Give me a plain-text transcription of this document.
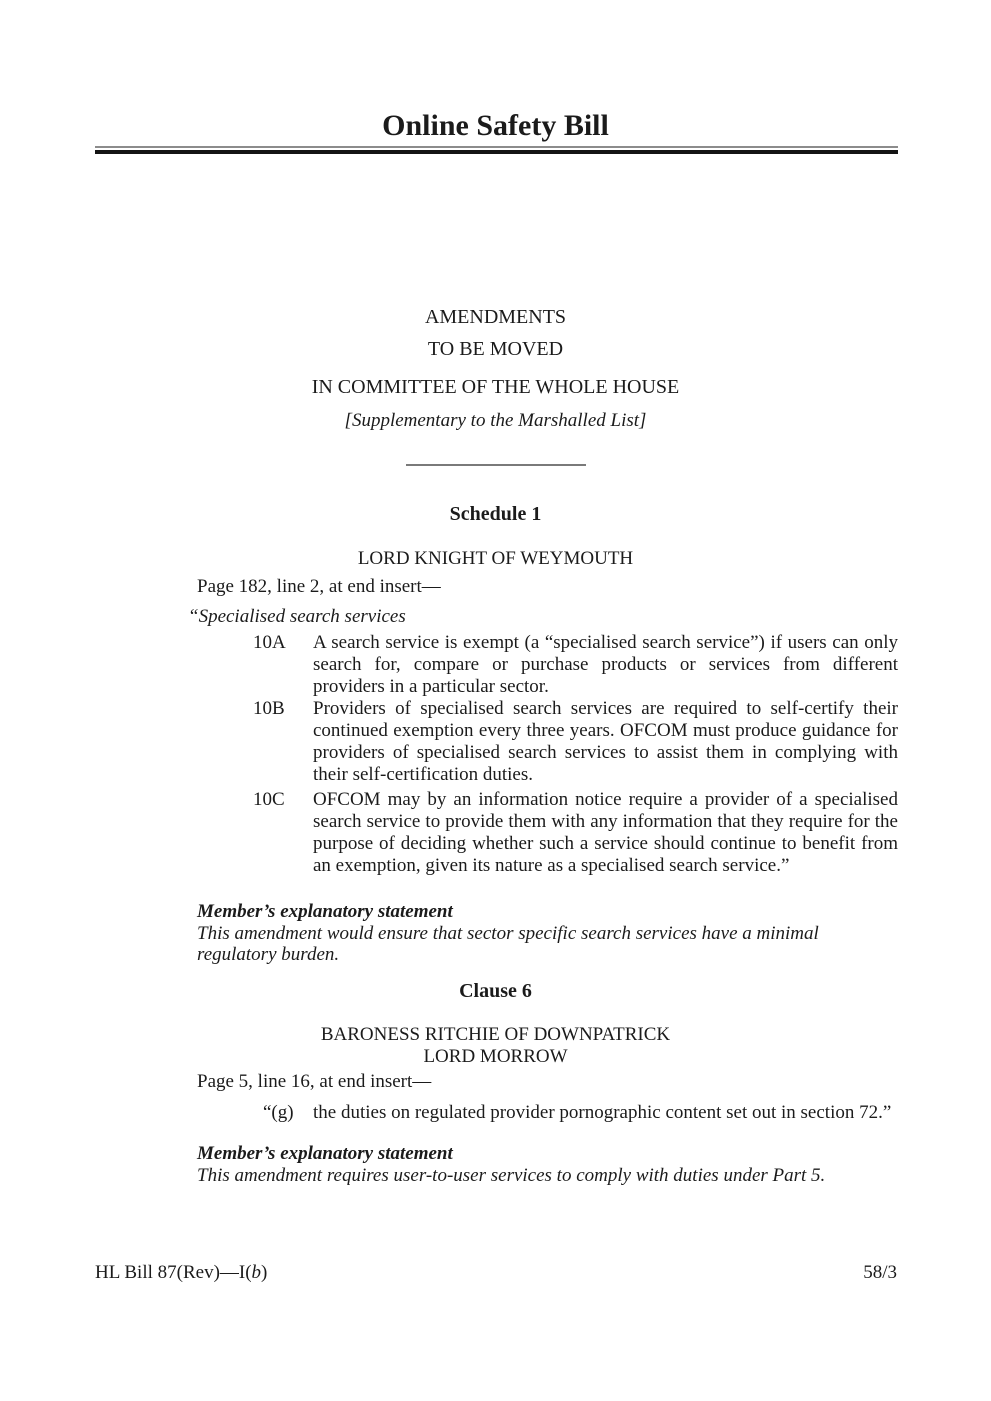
Online Safety Bill
AMENDMENTS
TO BE MOVED
IN COMMITTEE OF THE WHOLE HOUSE
[Supplementary to the Marshalled List]
Schedule 1
LORD KNIGHT OF WEYMOUTH

Page 182, line 2, at end insert—

“Specialised search services

10A A search service is exempt (a “specialised search service”) if users can only search for, compare or purchase products or services from different providers in a particular sector.
10B Providers of specialised search services are required to self-certify their continued exemption every three years. OFCOM must produce guidance for providers of specialised search services to assist them in complying with their self-certification duties.
10C OFCOM may by an information notice require a provider of a specialised search service to provide them with any information that they require for the purpose of deciding whether such a service should continue to benefit from an exemption, given its nature as a specialised search service.”

Member’s explanatory statement

This amendment would ensure that sector specific search services have a minimal regulatory burden.

Clause 6
BARONESS RITCHIE OF DOWNPATRICK
LORD MORROW

Page 5, line 16, at end insert—

“(g) the duties on regulated provider pornographic content set out in section 72.”

Member’s explanatory statement

This amendment requires user-to-user services to comply with duties under Part 5.

HL Bill 87(Rev)—I(b)	58/3
